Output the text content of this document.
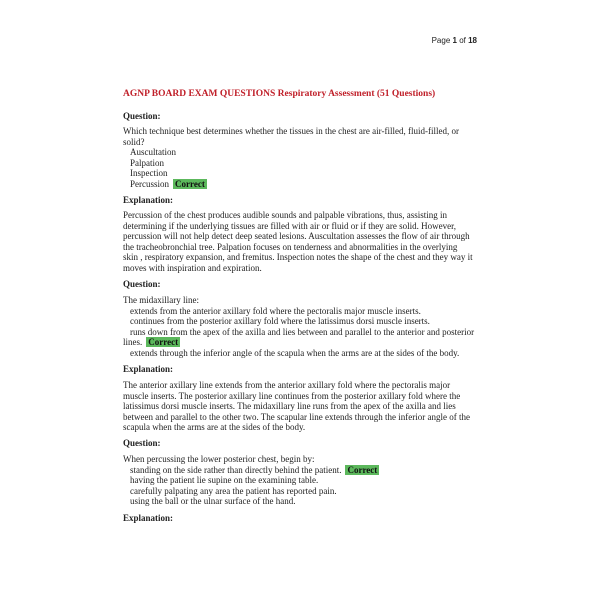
Page 1 of 18
AGNP BOARD EXAM QUESTIONS Respiratory Assessment (51 Questions)
Question:
Which technique best determines whether the tissues in the chest are air-filled, fluid-filled, or
solid?
Auscultation
Palpation
Inspection
Percussion Correct
Explanation:
Percussion of the chest produces audible sounds and palpable vibrations, thus, assisting in
determining if the underlying tissues are filled with air or fluid or if they are solid. However,
percussion will not help detect deep seated lesions. Auscultation assesses the flow of air through
the tracheobronchial tree. Palpation focuses on tenderness and abnormalities in the overlying
skin , respiratory expansion, and fremitus. Inspection notes the shape of the chest and they way it
moves with inspiration and expiration.
Question:
The midaxillary line:
extends from the anterior axillary fold where the pectoralis major muscle inserts.
continues from the posterior axillary fold where the latissimus dorsi muscle inserts.
runs down from the apex of the axilla and lies between and parallel to the anterior and posterior
lines. Correct
extends through the inferior angle of the scapula when the arms are at the sides of the body.
Explanation:
The anterior axillary line extends from the anterior axillary fold where the pectoralis major
muscle inserts. The posterior axillary line continues from the posterior axillary fold where the
latissimus dorsi muscle inserts. The midaxillary line runs from the apex of the axilla and lies
between and parallel to the other two. The scapular line extends through the inferior angle of the
scapula when the arms are at the sides of the body.
Question:
When percussing the lower posterior chest, begin by:
standing on the side rather than directly behind the patient. Correct
having the patient lie supine on the examining table.
carefully palpating any area the patient has reported pain.
using the ball or the ulnar surface of the hand.
Explanation:
